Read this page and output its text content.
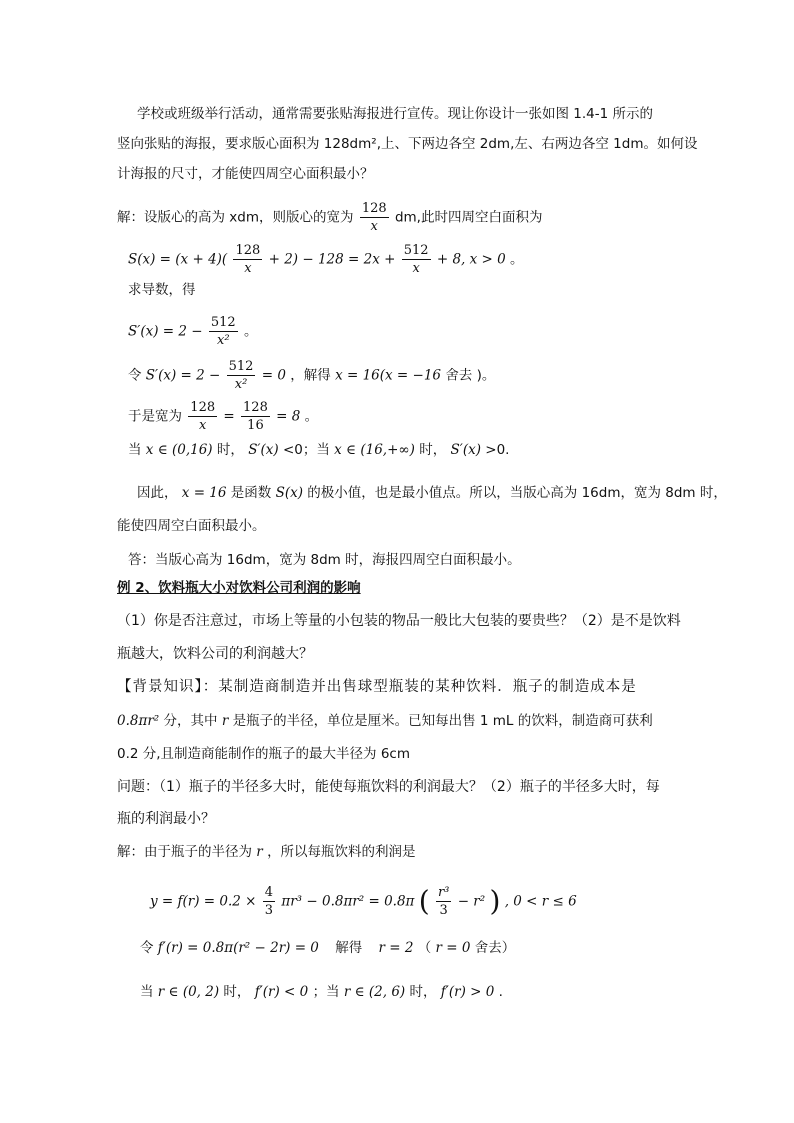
学校或班级举行活动，通常需要张贴海报进行宣传。现让你设计一张如图 1.4-1 所示的
竖向张贴的海报，要求版心面积为 128dm²,上、下两边各空 2dm,左、右两边各空 1dm。如何设
计海报的尺寸，才能使四周空心面积最小？
解：设版心的高为 xdm，则版心的宽为 $\frac{128}{x}$ dm,此时四周空白面积为
$S(x) = (x + 4)( \frac{128}{x} + 2) - 128 = 2x + \frac{512}{x} + 8$, x > 0 。
求导数，得
$S'(x) = 2 - \frac{512}{\text{x²}}$ 。
令 $S'(x) = 2 - \frac{512}{\text{x²}} = 0$ ，解得 x = 16(x = −16 舍去 )。
于是宽为 $\frac{128}{x} = \frac{128}{16} = 8$ 。
当 x ∈ (0,16) 时， S′(x) <0；当 x ∈ (16,+∞) 时， S′(x) >0.
因此， x = 16 是函数 S(x) 的极小值，也是最小值点。所以，当版心高为 16dm，宽为 8dm 时，
能使四周空白面积最小。
答：当版心高为 16dm，宽为 8dm 时，海报四周空白面积最小。
例 2、饮料瓶大小对饮料公司利润的影响
（1）你是否注意过，市场上等量的小包装的物品一般比大包装的要贵些？（2）是不是饮料
瓶越大，饮料公司的利润越大？
【背景知识】：某制造商制造并出售球型瓶装的某种饮料．瓶子的制造成本是
0.8πr² 分，其中 r 是瓶子的半径，单位是厘米。已知每出售 1 mL 的饮料，制造商可获利
0.2 分,且制造商能制作的瓶子的最大半径为 6cm
问题：（1）瓶子的半径多大时，能使每瓶饮料的利润最大？（2）瓶子的半径多大时，每
瓶的利润最小？
解：由于瓶子的半径为 r ，所以每瓶饮料的利润是
$y = f(r) = 0.2 \times \frac{4}{3} \pi r^3 - 0.8\pi r^2 = 0.8\pi$ ( $\frac{\text{r³}}{3} - r^2$ ) , 0 < r ≤ 6
令 f′(r) = 0.8π(r² − 2r) = 0 解得 r = 2 （ r = 0 舍去）
当 r ∈ (0, 2) 时， f′(r) < 0 ；当 r ∈ (2, 6) 时， f′(r) > 0 .
